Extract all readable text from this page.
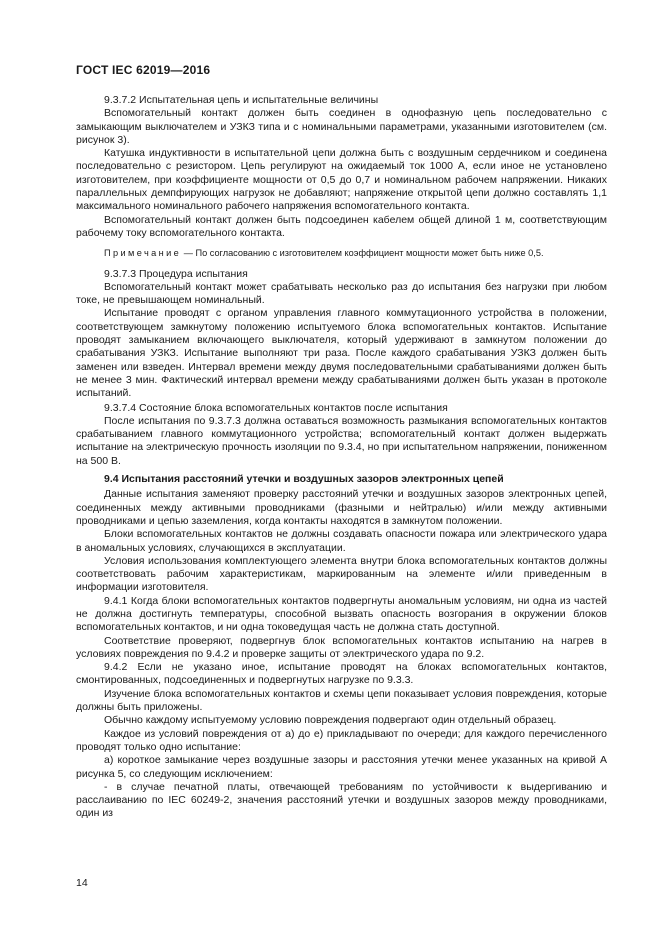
ГОСТ IEC 62019—2016

9.3.7.2 Испытательная цепь и испытательные величины

Вспомогательный контакт должен быть соединен в однофазную цепь последовательно с замыкающим выключателем и УЗКЗ типа и с номинальными параметрами, указанными изготовителем (см. рисунок 3).

Катушка индуктивности в испытательной цепи должна быть с воздушным сердечником и соединена последовательно с резистором. Цепь регулируют на ожидаемый ток 1000 А, если иное не установлено изготовителем, при коэффициенте мощности от 0,5 до 0,7 и номинальном рабочем напряжении. Никаких параллельных демпфирующих нагрузок не добавляют; напряжение открытой цепи должно составлять 1,1 максимального номинального рабочего напряжения вспомогательного контакта.

Вспомогательный контакт должен быть подсоединен кабелем общей длиной 1 м, соответствующим рабочему току вспомогательного контакта.

Примечание — По согласованию с изготовителем коэффициент мощности может быть ниже 0,5.

9.3.7.3 Процедура испытания

Вспомогательный контакт может срабатывать несколько раз до испытания без нагрузки при любом токе, не превышающем номинальный.

Испытание проводят с органом управления главного коммутационного устройства в положении, соответствующем замкнутому положению испытуемого блока вспомогательных контактов. Испытание проводят замыканием включающего выключателя, который удерживают в замкнутом положении до срабатывания УЗКЗ. Испытание выполняют три раза. После каждого срабатывания УЗКЗ должен быть заменен или взведен. Интервал времени между двумя последовательными срабатываниями должен быть не менее 3 мин. Фактический интервал времени между срабатываниями должен быть указан в протоколе испытаний.

9.3.7.4 Состояние блока вспомогательных контактов после испытания

После испытания по 9.3.7.3 должна оставаться возможность размыкания вспомогательных контактов срабатыванием главного коммутационного устройства; вспомогательный контакт должен выдержать испытание на электрическую прочность изоляции по 9.3.4, но при испытательном напряжении, пониженном на 500 В.

9.4 Испытания расстояний утечки и воздушных зазоров электронных цепей

Данные испытания заменяют проверку расстояний утечки и воздушных зазоров электронных цепей, соединенных между активными проводниками (фазными и нейтралью) и/или между активными проводниками и цепью заземления, когда контакты находятся в замкнутом положении.

Блоки вспомогательных контактов не должны создавать опасности пожара или электрического удара в аномальных условиях, случающихся в эксплуатации.

Условия использования комплектующего элемента внутри блока вспомогательных контактов должны соответствовать рабочим характеристикам, маркированным на элементе и/или приведенным в информации изготовителя.

9.4.1 Когда блоки вспомогательных контактов подвергнуты аномальным условиям, ни одна из частей не должна достигнуть температуры, способной вызвать опасность возгорания в окружении блоков вспомогательных контактов, и ни одна токоведущая часть не должна стать доступной.

Соответствие проверяют, подвергнув блок вспомогательных контактов испытанию на нагрев в условиях повреждения по 9.4.2 и проверке защиты от электрического удара по 9.2.

9.4.2 Если не указано иное, испытание проводят на блоках вспомогательных контактов, смонтированных, подсоединенных и подвергнутых нагрузке по 9.3.3.

Изучение блока вспомогательных контактов и схемы цепи показывает условия повреждения, которые должны быть приложены.

Обычно каждому испытуемому условию повреждения подвергают один отдельный образец.

Каждое из условий повреждения от а) до е) прикладывают по очереди; для каждого перечисленного проводят только одно испытание:

а) короткое замыкание через воздушные зазоры и расстояния утечки менее указанных на кривой А рисунка 5, со следующим исключением:

- в случае печатной платы, отвечающей требованиям по устойчивости к выдергиванию и расслаиванию по IEC 60249-2, значения расстояний утечки и воздушных зазоров между проводниками, один из

14
